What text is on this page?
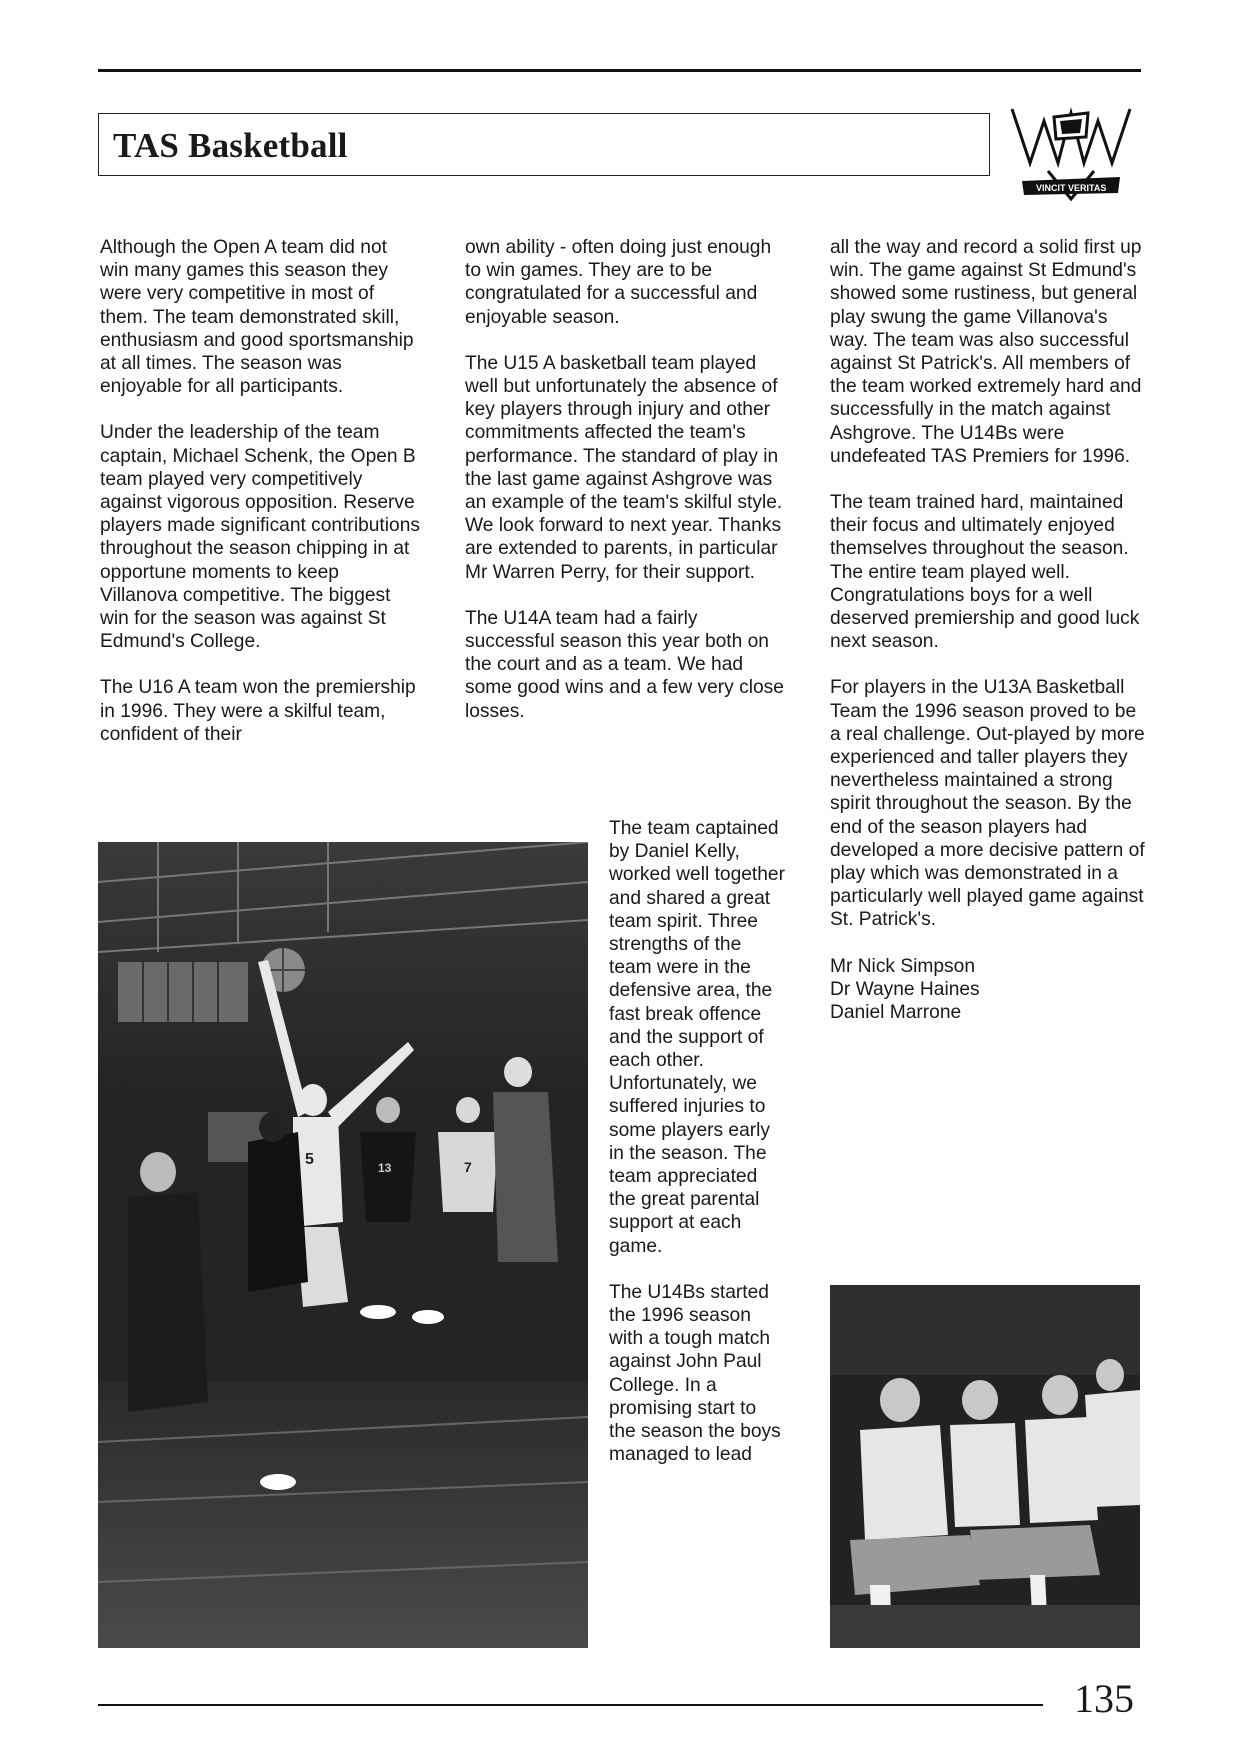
TAS Basketball
VINCIT VERITAS

Although the Open A team did not win many games this season they were very competitive in most of them. The team demonstrated skill, enthusiasm and good sportsmanship at all times. The season was enjoyable for all participants.

Under the leadership of the team captain, Michael Schenk, the Open B team played very competitively against vigorous opposition. Reserve players made significant contributions throughout the season chipping in at opportune moments to keep Villanova competitive. The biggest win for the season was against St Edmund's College.

The U16 A team won the premiership in 1996. They were a skilful team, confident of their

own ability - often doing just enough to win games. They are to be congratulated for a successful and enjoyable season.

The U15 A basketball team played well but unfortunately the absence of key players through injury and other commitments affected the team's performance. The standard of play in the last game against Ashgrove was an example of the team's skilful style. We look forward to next year. Thanks are extended to parents, in particular Mr Warren Perry, for their support.

The U14A team had a fairly successful season this year both on the court and as a team. We had some good wins and a few very close losses.

The team captained by Daniel Kelly, worked well together and shared a great team spirit. Three strengths of the team were in the defensive area, the fast break offence and the support of each other. Unfortunately, we suffered injuries to some players early in the season. The team appreciated the great parental support at each game.

The U14Bs started the 1996 season with a tough match against John Paul College. In a promising start to the season the boys managed to lead

all the way and record a solid first up win. The game against St Edmund's showed some rustiness, but general play swung the game Villanova's way. The team was also successful against St Patrick's. All members of the team worked extremely hard and successfully in the match against Ashgrove. The U14Bs were undefeated TAS Premiers for 1996.

The team trained hard, maintained their focus and ultimately enjoyed themselves throughout the season. The entire team played well. Congratulations boys for a well deserved premiership and good luck next season.

For players in the U13A Basketball Team the 1996 season proved to be a real challenge. Out-played by more experienced and taller players they nevertheless maintained a strong spirit throughout the season. By the end of the season players had developed a more decisive pattern of play which was demonstrated in a particularly well played game against St. Patrick's.

Mr Nick Simpson

Dr Wayne Haines

Daniel Marrone

5	13	7
135
